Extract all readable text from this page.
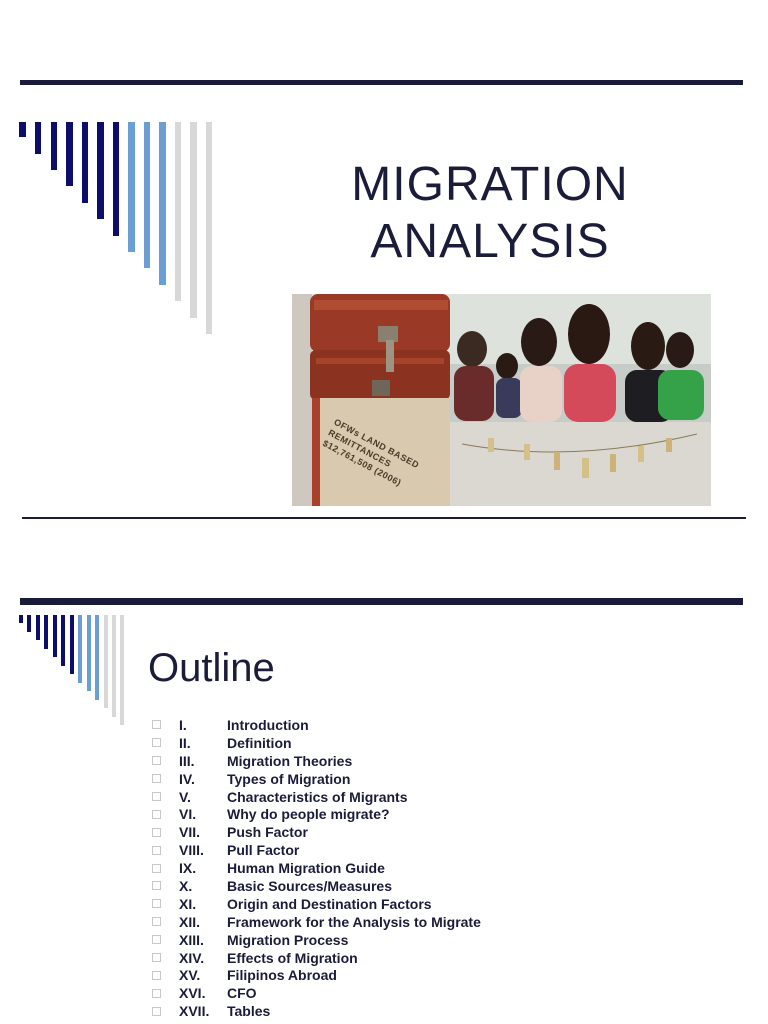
MIGRATION
ANALYSIS
OFWs LAND BASED REMITTANCES $12,761,508 (2006)
Outline
I.	Introduction
II.	Definition
III.	Migration Theories
IV.	Types of Migration
V.	Characteristics of Migrants
VI.	Why do people migrate?
VII.	Push Factor
VIII.	Pull Factor
IX.	Human Migration Guide
X.	Basic Sources/Measures
XI.	Origin and Destination Factors
XII.	Framework for the Analysis to Migrate
XIII.	Migration Process
XIV.	Effects of Migration
XV.	Filipinos Abroad
XVI.	CFO
XVII.	Tables
